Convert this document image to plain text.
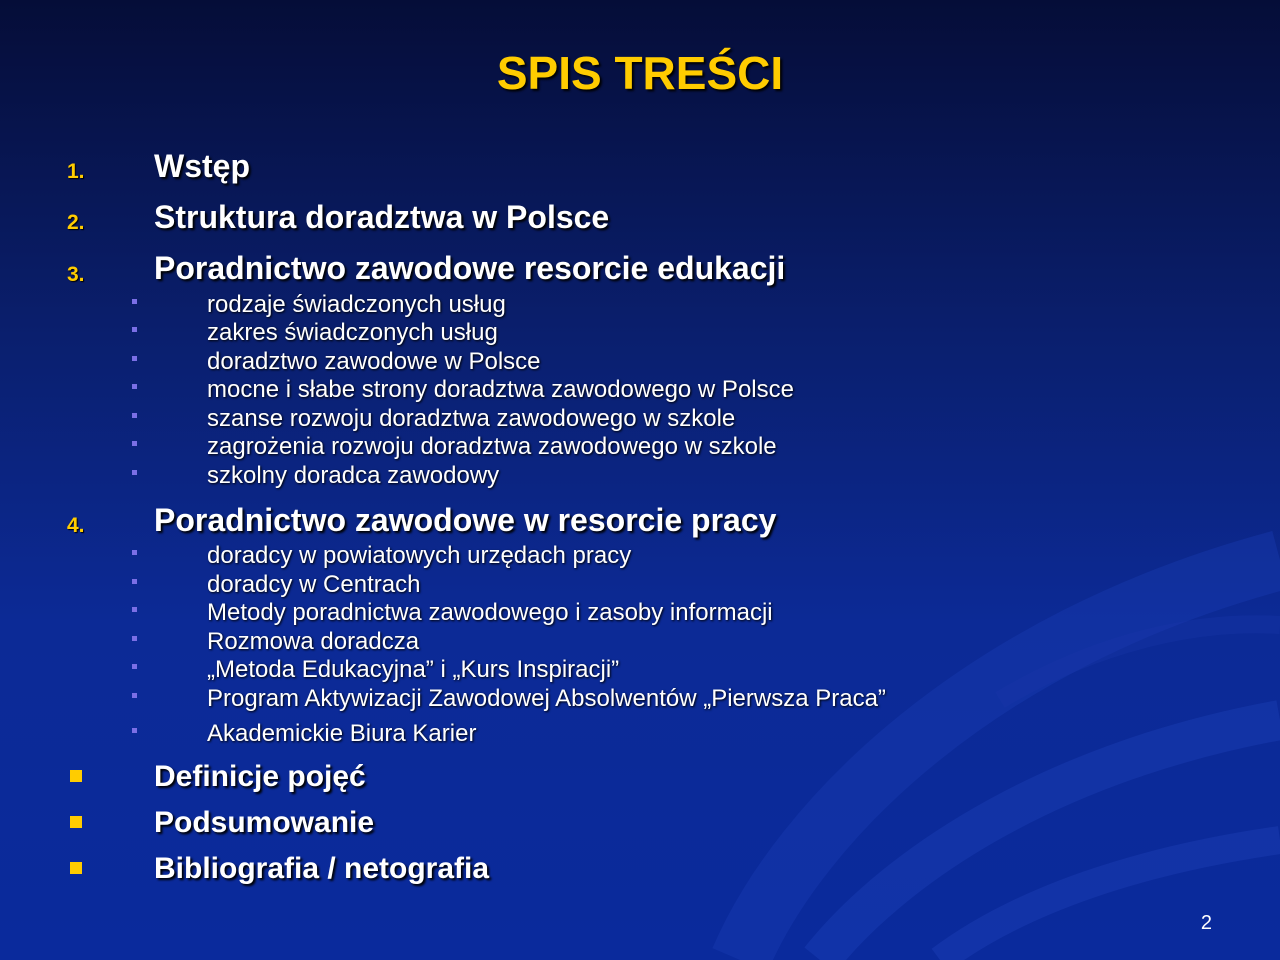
SPIS TREŚCI
1. Wstęp
2. Struktura doradztwa w Polsce
3. Poradnictwo zawodowe resorcie edukacji
rodzaje świadczonych usług
zakres świadczonych usług
doradztwo zawodowe w Polsce
mocne i słabe strony doradztwa zawodowego w Polsce
szanse rozwoju doradztwa zawodowego w szkole
zagrożenia rozwoju doradztwa zawodowego w szkole
szkolny doradca zawodowy
4. Poradnictwo zawodowe w resorcie pracy
doradcy w powiatowych urzędach pracy
doradcy w Centrach
Metody poradnictwa zawodowego i zasoby informacji
Rozmowa doradcza
„Metoda Edukacyjna” i „Kurs Inspiracji”
Program Aktywizacji Zawodowej Absolwentów „Pierwsza Praca”
Akademickie Biura Karier
Definicje pojęć
Podsumowanie
Bibliografia / netografia
2
